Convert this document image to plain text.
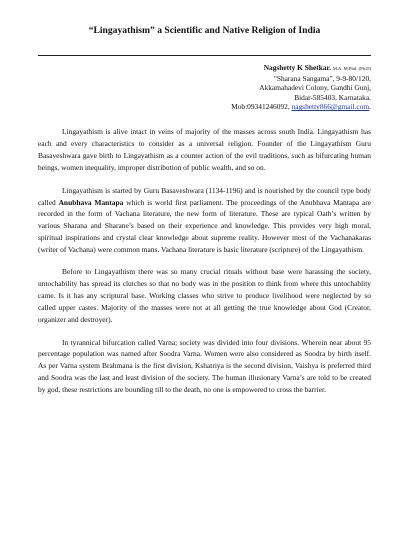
“Lingayathism” a Scientific and Native Religion of India
Nagshetty K Shetkar. M.A, M.Phil, (Ph.D)
"Sharana Sangama", 9-9-80/120,
Akkamahadevi Colony, Gandhi Gunj,
Bidar-585403, Karnataka.
Mob:09341246092, nagshetty866@gmail.com.

Lingayathism is alive intact in veins of majority of the masses across south India. Lingayathism has each and every characteristics to consider as a universal religion. Founder of the Lingayathism Guru Basaveshwara gave birth to Lingayathism as a counter action of the evil traditions, such as bifurcating human beings, women inequality, improper distribution of public wealth, and so on.

Lingayathism is started by Guru Basaveshwara (1134-1196) and is nourished by the council type body called Anubhava Mantapa which is world first parliament. The proceedings of the Anubhava Mantapa are recorded in the form of Vachana literature, the new form of literature. These are typical Oath’s written by various Sharana and Sharane’s based on their experience and knowledge. This provides very high moral, spiritual inspirations and crystal clear knowledge about supreme reality. However most of the Vachanakaras (writer of Vachana) were common mans. Vachana literature is basic literature (scripture) of the Lingayathism.

Before to Lingayathism there was so many crucial rituals without base were harassing the society, untochability has spread its clutches so that no body was in the position to think from where this untochablity came. Is it has any scriptural base. Working classes who strive to produce livelihood were neglected by so called upper castes. Majority of the masses were not at all getting the true knowledge about God (Creator, organizer and destroyer).

In tyrannical bifurcation called Varna; society was divided into four divisions. Wherein near about 95 percentage population was named after Soodra Varna. Women were also considered as Soodra by birth itself. As per Varna system Brahmana is the first division, Kshatriya is the second division, Vaishya is preferred third and Soodra was the last and least division of the society. The human illusionary Varna’s are told to be created by god, these restrictions are bounding till to the death, no one is empowered to cross the barrier.
